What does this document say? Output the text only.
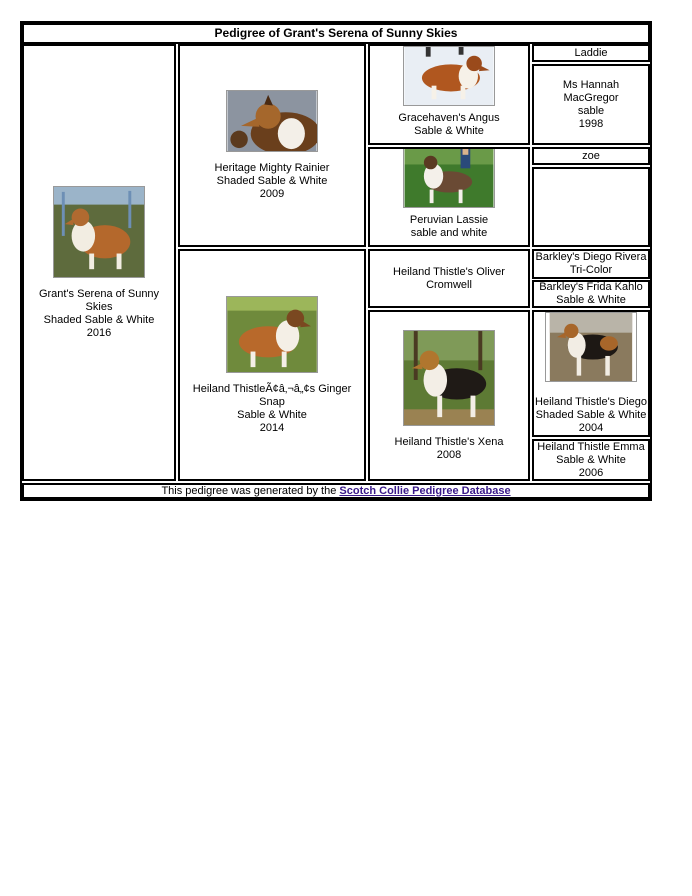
Pedigree of Grant's Serena of Sunny Skies
Grant's Serena of Sunny Skies
Shaded Sable & White
2016
Heritage Mighty Rainier
Shaded Sable & White
2009
Heiland ThistleÃ¢â‚¬â„¢s Ginger Snap
Sable & White
2014
Gracehaven's Angus
Sable & White
Peruvian Lassie
sable and white
Heiland Thistle's Oliver Cromwell
Heiland Thistle's Xena
2008
Laddie
Ms Hannah MacGregor
sable
1998
zoe
Barkley's Diego Rivera
Tri-Color
Barkley's Frida Kahlo
Sable & White
Heiland Thistle's Diego
Shaded Sable & White
2004
Heiland Thistle Emma
Sable & White
2006
This pedigree was generated by the Scotch Collie Pedigree Database
